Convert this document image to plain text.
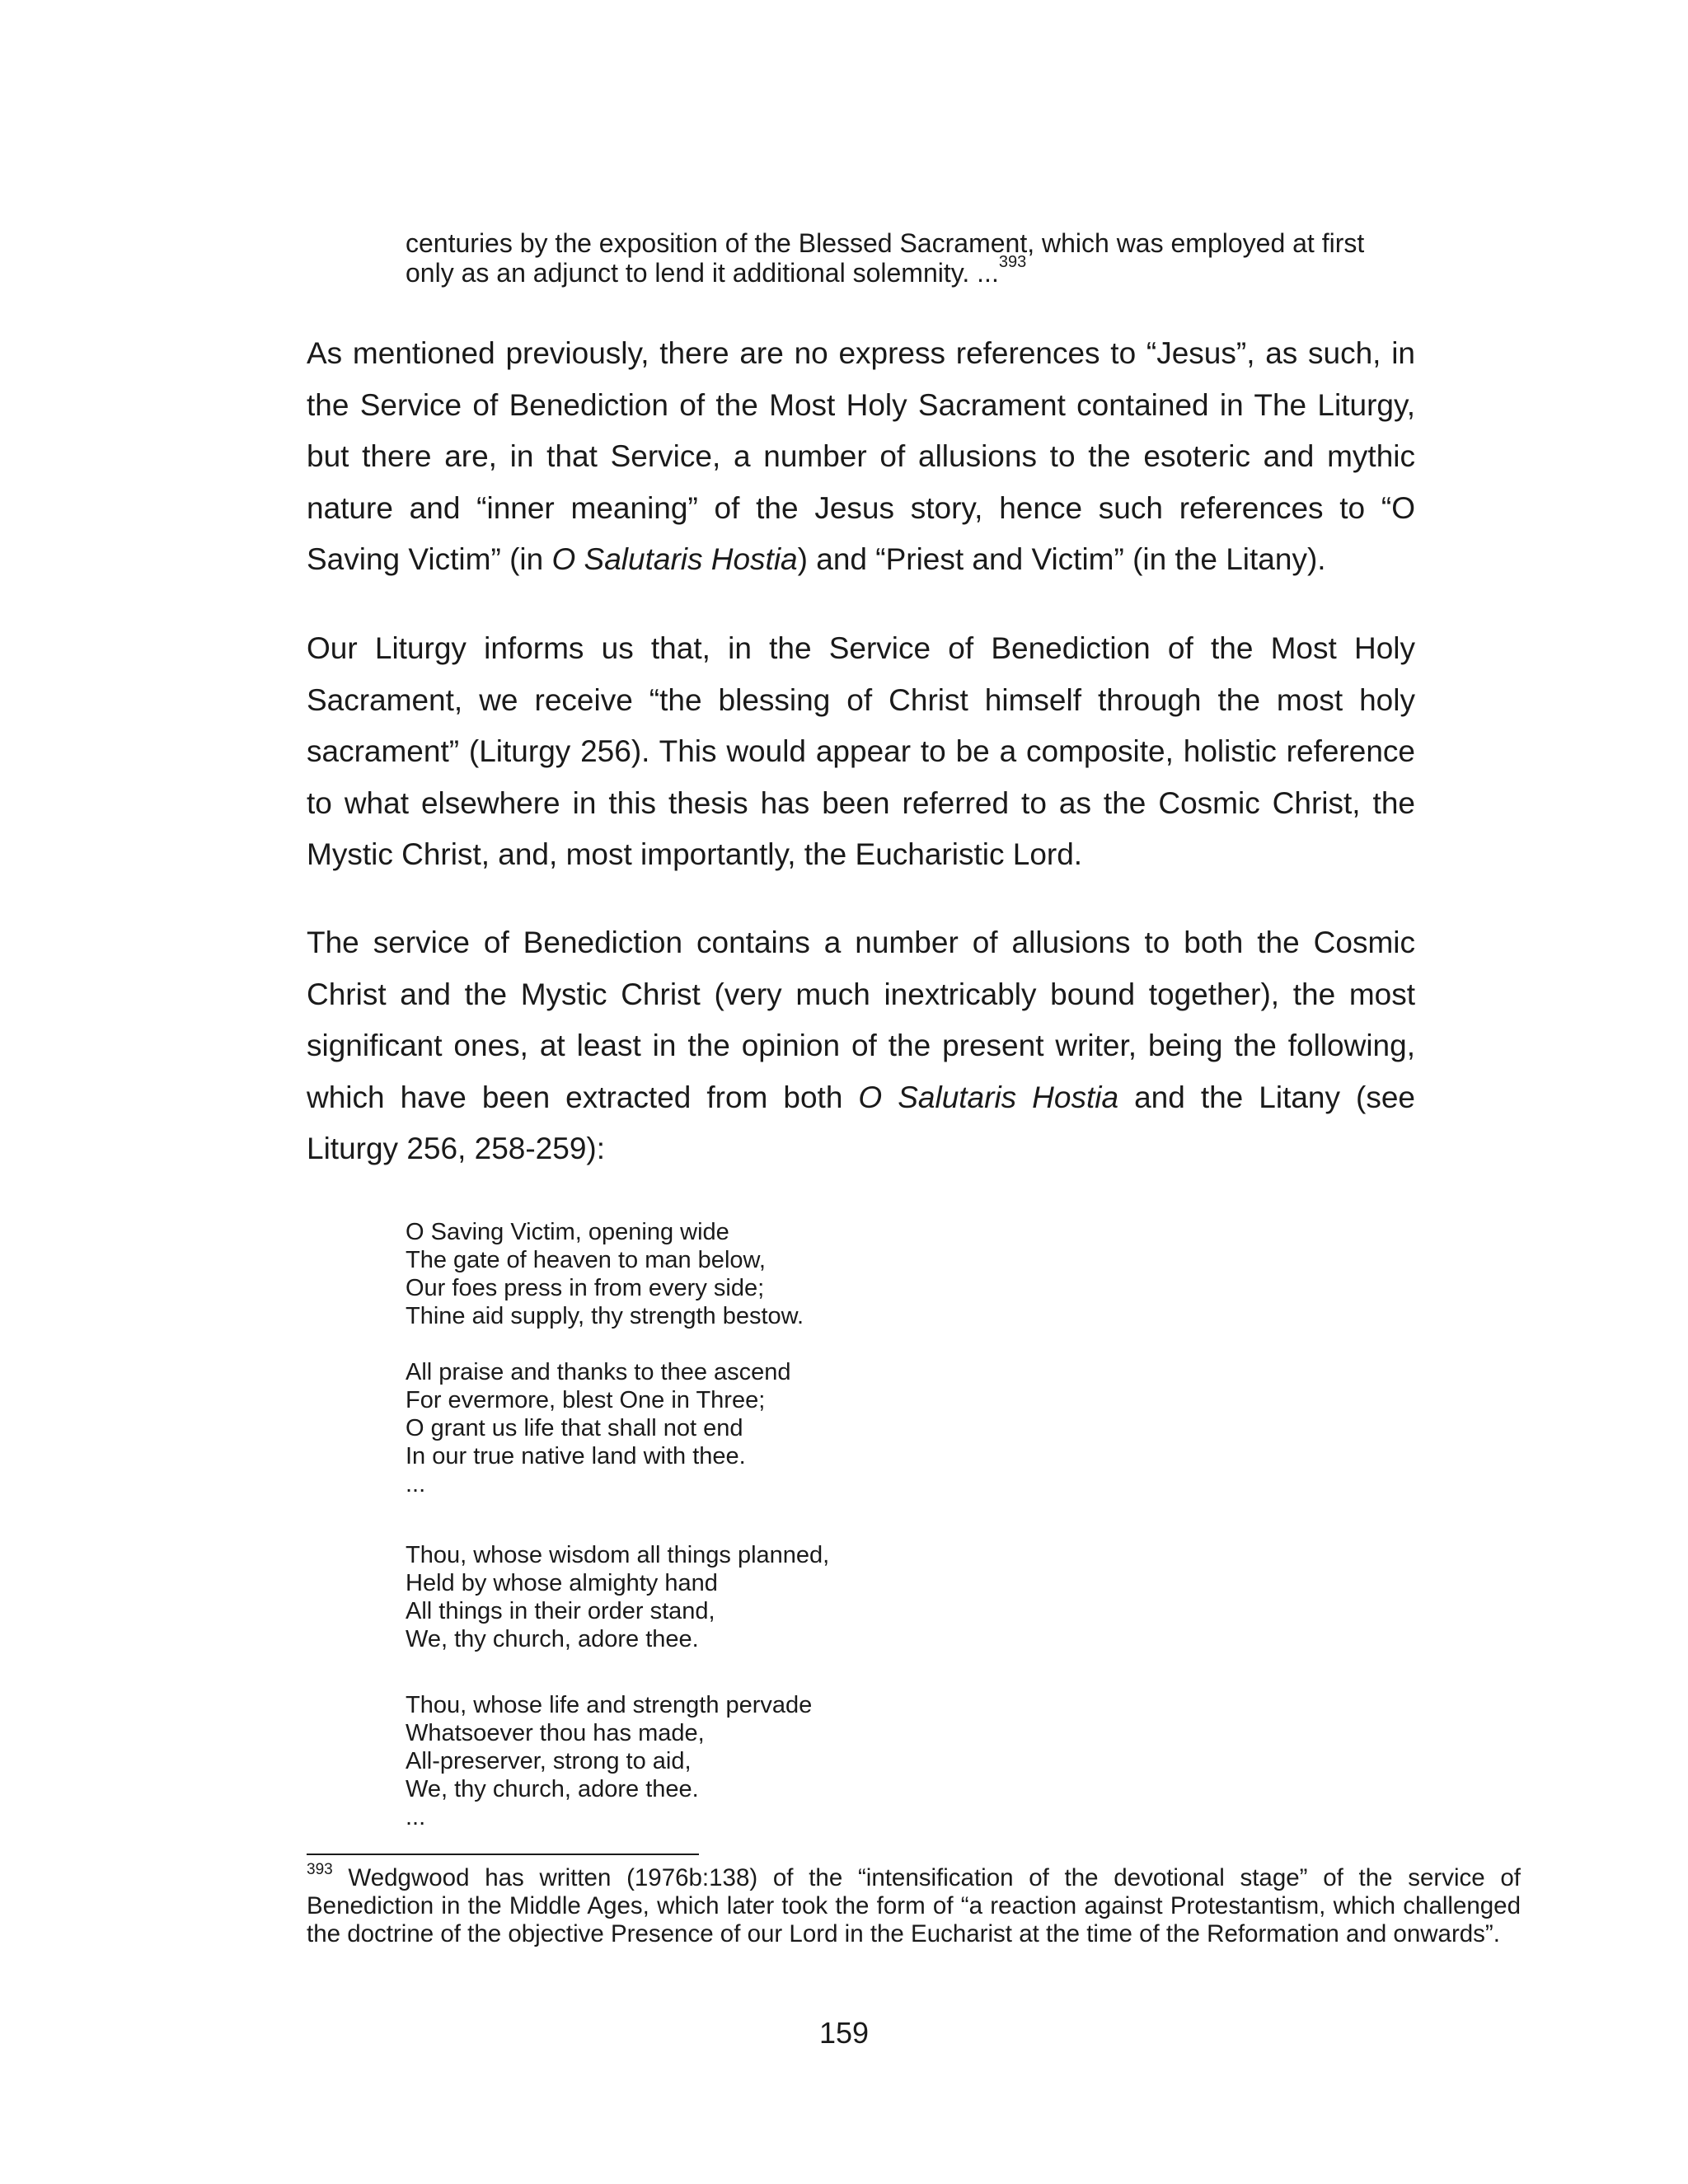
centuries by the exposition of the Blessed Sacrament, which was employed at first

only as an adjunct to lend it additional solemnity. ...$^{393}$

As mentioned previously, there are no express references to “Jesus”, as such, in the Service of Benediction of the Most Holy Sacrament contained in The Liturgy, but there are, in that Service, a number of allusions to the esoteric and mythic nature and “inner meaning” of the Jesus story, hence such references to “O Saving Victim” (in O Salutaris Hostia) and “Priest and Victim” (in the Litany).

Our Liturgy informs us that, in the Service of Benediction of the Most Holy Sacrament, we receive “the blessing of Christ himself through the most holy sacrament” (Liturgy 256). This would appear to be a composite, holistic reference to what elsewhere in this thesis has been referred to as the Cosmic Christ, the Mystic Christ, and, most importantly, the Eucharistic Lord.

The service of Benediction contains a number of allusions to both the Cosmic Christ and the Mystic Christ (very much inextricably bound together), the most significant ones, at least in the opinion of the present writer, being the following, which have been extracted from both O Salutaris Hostia and the Litany (see Liturgy 256, 258-259):

O Saving Victim, opening wide
The gate of heaven to man below,
Our foes press in from every side;
Thine aid supply, thy strength bestow.
All praise and thanks to thee ascend
For evermore, blest One in Three;
O grant us life that shall not end
In our true native land with thee.
...
Thou, whose wisdom all things planned,
Held by whose almighty hand
All things in their order stand,
We, thy church, adore thee.
Thou, whose life and strength pervade
Whatsoever thou has made,
All-preserver, strong to aid,
We, thy church, adore thee.
...

$^{393}$ Wedgwood has written (1976b:138) of the “intensification of the devotional stage” of the service of Benediction in the Middle Ages, which later took the form of “a reaction against Protestantism, which challenged the doctrine of the objective Presence of our Lord in the Eucharist at the time of the Reformation and onwards”.

159
